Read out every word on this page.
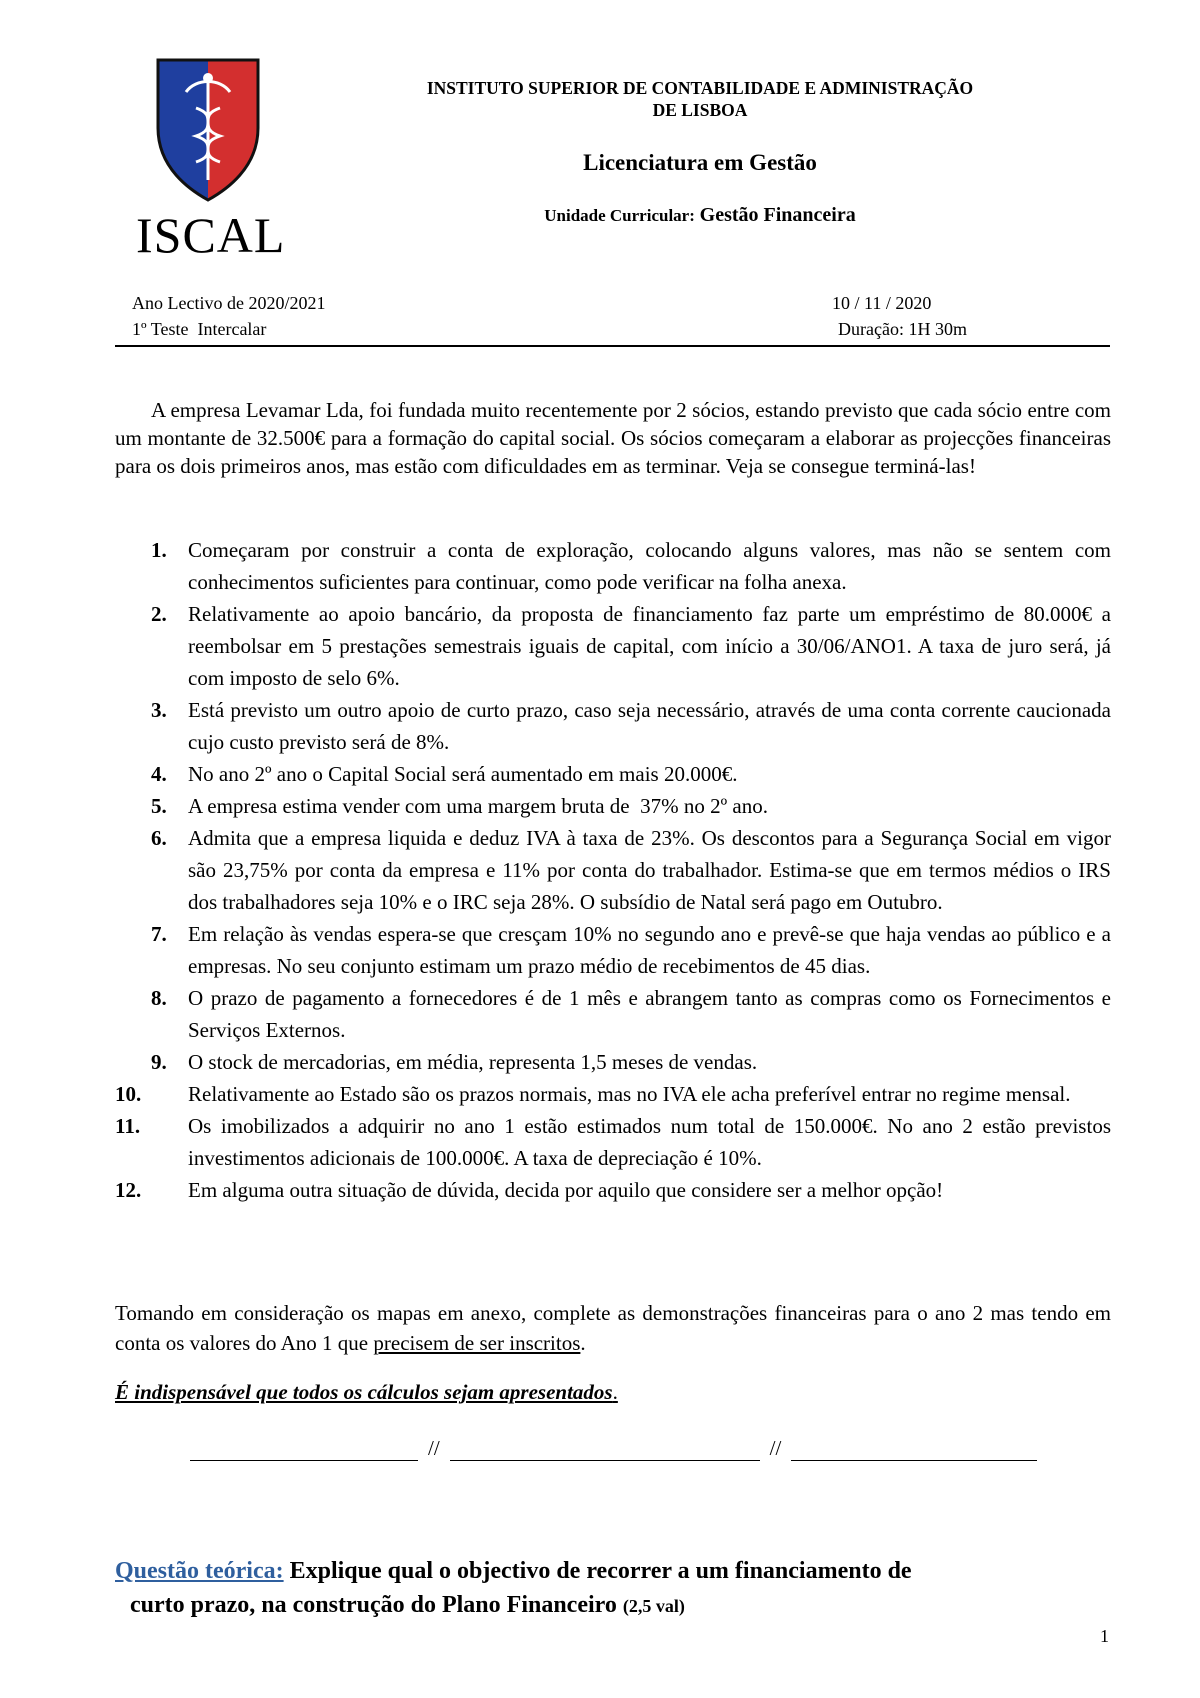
ISCAL
INSTITUTO SUPERIOR DE CONTABILIDADE E ADMINISTRAÇÃO
DE LISBOA
Licenciatura em Gestão
Unidade Curricular: Gestão Financeira
Ano Lectivo de 2020/2021
1º Teste  Intercalar
10 / 11 / 2020
Duração: 1H 30m
A empresa Levamar Lda, foi fundada muito recentemente por 2 sócios, estando previsto que cada sócio entre com um montante de 32.500€ para a formação do capital social. Os sócios começaram a elaborar as projecções financeiras para os dois primeiros anos, mas estão com dificuldades em as terminar. Veja se consegue terminá-las!
1. Começaram por construir a conta de exploração, colocando alguns valores, mas não se sentem com conhecimentos suficientes para continuar, como pode verificar na folha anexa.
2. Relativamente ao apoio bancário, da proposta de financiamento faz parte um empréstimo de 80.000€ a reembolsar em 5 prestações semestrais iguais de capital, com início a 30/06/ANO1. A taxa de juro será, já com imposto de selo 6%.
3. Está previsto um outro apoio de curto prazo, caso seja necessário, através de uma conta corrente caucionada cujo custo previsto será de 8%.
4. No ano 2º ano o Capital Social será aumentado em mais 20.000€.
5. A empresa estima vender com uma margem bruta de  37% no 2º ano.
6. Admita que a empresa liquida e deduz IVA à taxa de 23%. Os descontos para a Segurança Social em vigor são 23,75% por conta da empresa e 11% por conta do trabalhador. Estima-se que em termos médios o IRS dos trabalhadores seja 10% e o IRC seja 28%. O subsídio de Natal será pago em Outubro.
7. Em relação às vendas espera-se que cresçam 10% no segundo ano e prevê-se que haja vendas ao público e a empresas. No seu conjunto estimam um prazo médio de recebimentos de 45 dias.
8. O prazo de pagamento a fornecedores é de 1 mês e abrangem tanto as compras como os Fornecimentos e Serviços Externos.
9. O stock de mercadorias, em média, representa 1,5 meses de vendas.
10. Relativamente ao Estado são os prazos normais, mas no IVA ele acha preferível entrar no regime mensal.
11. Os imobilizados a adquirir no ano 1 estão estimados num total de 150.000€. No ano 2 estão previstos investimentos adicionais de 100.000€. A taxa de depreciação é 10%.
12. Em alguma outra situação de dúvida, decida por aquilo que considere ser a melhor opção!
Tomando em consideração os mapas em anexo, complete as demonstrações financeiras para o ano 2 mas tendo em conta os valores do Ano 1 que precisem de ser inscritos.
É indispensável que todos os cálculos sejam apresentados.
//	//
Questão teórica: Explique qual o objectivo de recorrer a um financiamento de
curto prazo, na construção do Plano Financeiro (2,5 val)
1
